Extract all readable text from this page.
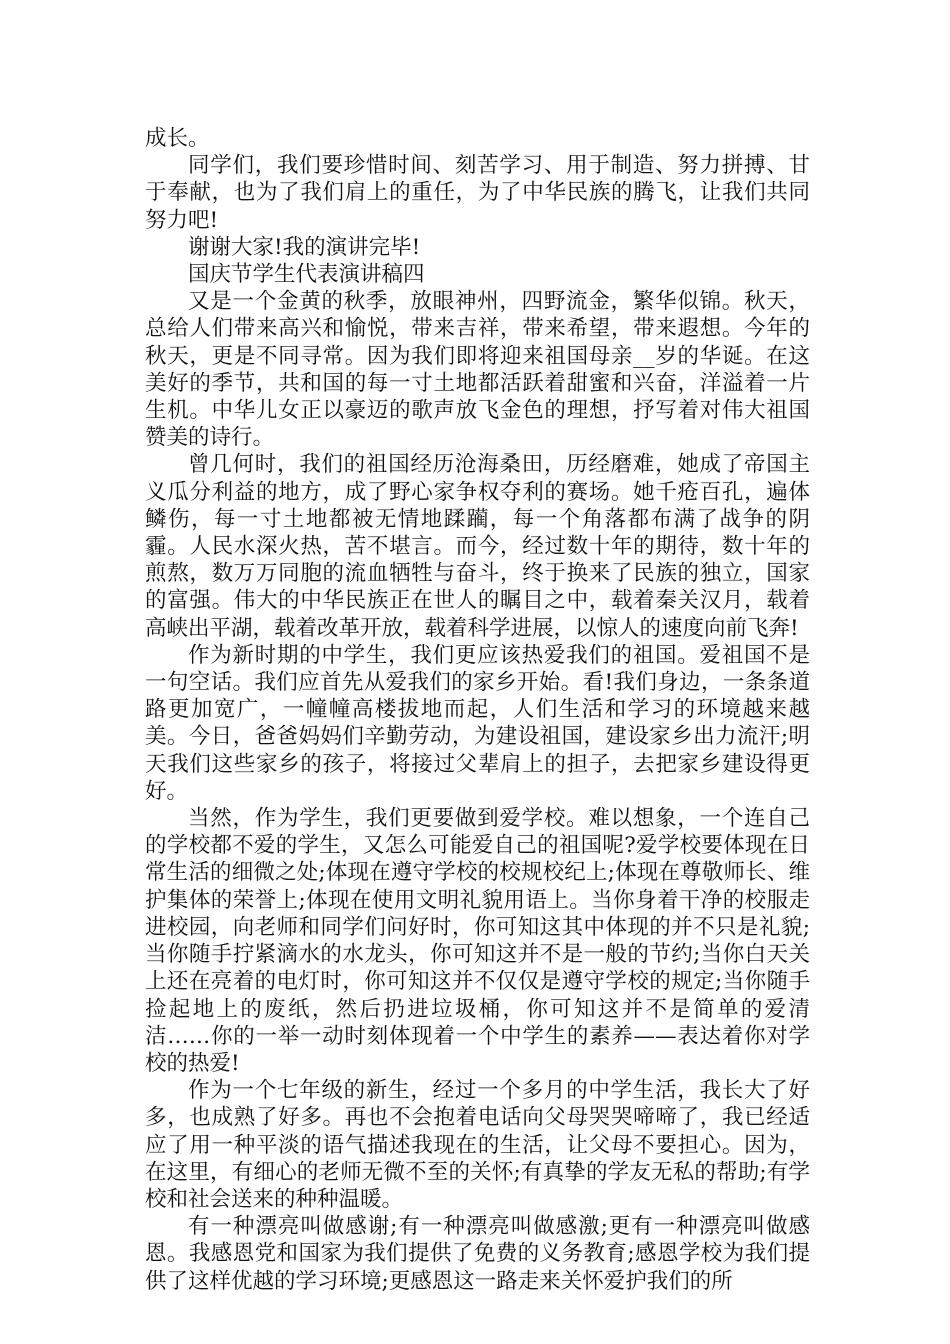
成长。

同学们，我们要珍惜时间、刻苦学习、用于制造、努力拼搏、甘于奉献，也为了我们肩上的重任，为了中华民族的腾飞，让我们共同努力吧!

谢谢大家!我的演讲完毕!

国庆节学生代表演讲稿四

又是一个金黄的秋季，放眼神州，四野流金，繁华似锦。秋天，总给人们带来高兴和愉悦，带来吉祥，带来希望，带来遐想。今年的秋天，更是不同寻常。因为我们即将迎来祖国母亲__岁的华诞。在这美好的季节，共和国的每一寸土地都活跃着甜蜜和兴奋，洋溢着一片生机。中华儿女正以豪迈的歌声放飞金色的理想，抒写着对伟大祖国赞美的诗行。

曾几何时，我们的祖国经历沧海桑田，历经磨难，她成了帝国主义瓜分利益的地方，成了野心家争权夺利的赛场。她千疮百孔，遍体鳞伤，每一寸土地都被无情地蹂躏，每一个角落都布满了战争的阴霾。人民水深火热，苦不堪言。而今，经过数十年的期待，数十年的煎熬，数万万同胞的流血牺牲与奋斗，终于换来了民族的独立，国家的富强。伟大的中华民族正在世人的瞩目之中，载着秦关汉月，载着高峡出平湖，载着改革开放，载着科学进展，以惊人的速度向前飞奔!

作为新时期的中学生，我们更应该热爱我们的祖国。爱祖国不是一句空话。我们应首先从爱我们的家乡开始。看!我们身边，一条条道路更加宽广，一幢幢高楼拔地而起，人们生活和学习的环境越来越美。今日，爸爸妈妈们辛勤劳动，为建设祖国，建设家乡出力流汗;明天我们这些家乡的孩子，将接过父辈肩上的担子，去把家乡建设得更好。

当然，作为学生，我们更要做到爱学校。难以想象，一个连自己的学校都不爱的学生，又怎么可能爱自己的祖国呢?爱学校要体现在日常生活的细微之处;体现在遵守学校的校规校纪上;体现在尊敬师长、维护集体的荣誉上;体现在使用文明礼貌用语上。当你身着干净的校服走进校园，向老师和同学们问好时，你可知这其中体现的并不只是礼貌;当你随手拧紧滴水的水龙头，你可知这并不是一般的节约;当你白天关上还在亮着的电灯时，你可知这并不仅仅是遵守学校的规定;当你随手捡起地上的废纸，然后扔进垃圾桶，你可知这并不是简单的爱清洁……你的一举一动时刻体现着一个中学生的素养——表达着你对学校的热爱!

作为一个七年级的新生，经过一个多月的中学生活，我长大了好多，也成熟了好多。再也不会抱着电话向父母哭哭啼啼了，我已经适应了用一种平淡的语气描述我现在的生活，让父母不要担心。因为，在这里，有细心的老师无微不至的关怀;有真挚的学友无私的帮助;有学校和社会送来的种种温暖。

有一种漂亮叫做感谢;有一种漂亮叫做感激;更有一种漂亮叫做感恩。我感恩党和国家为我们提供了免费的义务教育;感恩学校为我们提供了这样优越的学习环境;更感恩这一路走来关怀爱护我们的所
